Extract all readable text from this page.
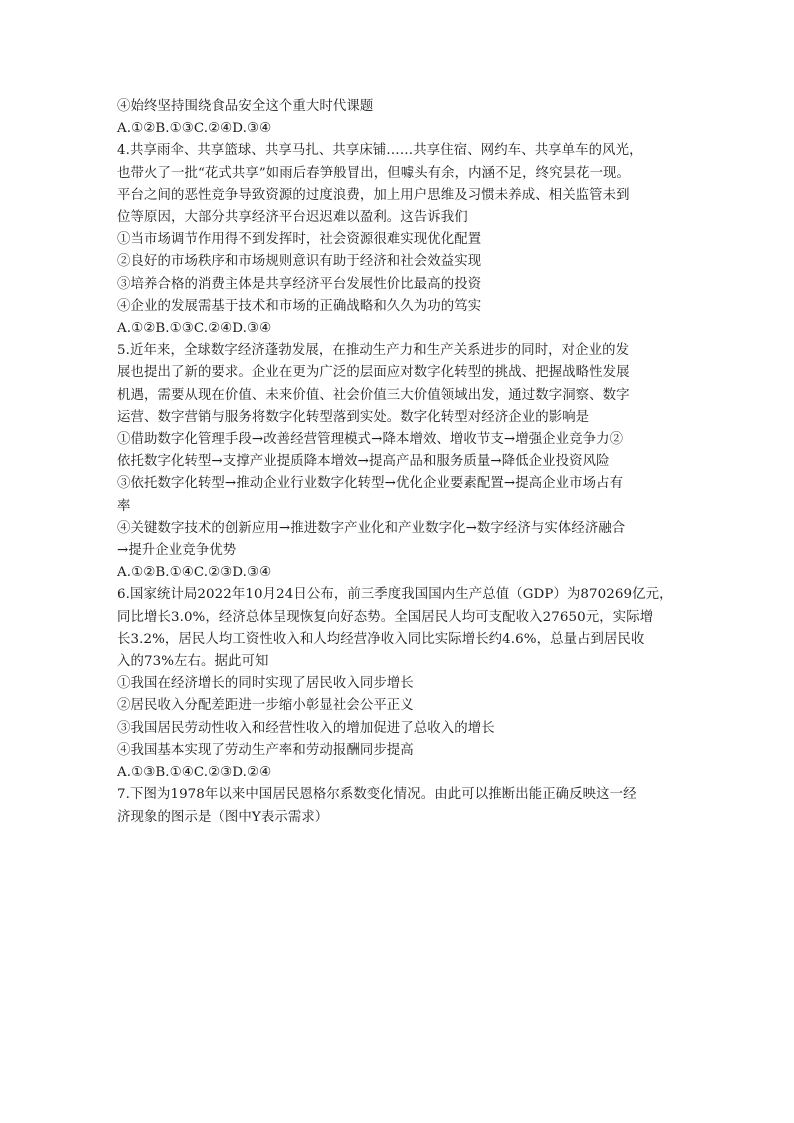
④始终坚持围绕食品安全这个重大时代课题
A.①②B.①③C.②④D.③④
4.共享雨伞、共享篮球、共享马扎、共享床铺……共享住宿、网约车、共享单车的风光，
也带火了一批“花式共享”如雨后春笋般冒出，但噱头有余，内涵不足，终究昙花一现。
平台之间的恶性竞争导致资源的过度浪费，加上用户思维及习惯未养成、相关监管未到
位等原因，大部分共享经济平台迟迟难以盈利。这告诉我们
①当市场调节作用得不到发挥时，社会资源很难实现优化配置
②良好的市场秩序和市场规则意识有助于经济和社会效益实现
③培养合格的消费主体是共享经济平台发展性价比最高的投资
④企业的发展需基于技术和市场的正确战略和久久为功的笃实
A.①②B.①③C.②④D.③④
5.近年来，全球数字经济蓬勃发展，在推动生产力和生产关系进步的同时，对企业的发
展也提出了新的要求。企业在更为广泛的层面应对数字化转型的挑战、把握战略性发展
机遇，需要从现在价值、未来价值、社会价值三大价值领域出发，通过数字洞察、数字
运营、数字营销与服务将数字化转型落到实处。数字化转型对经济企业的影响是
①借助数字化管理手段→改善经营管理模式→降本增效、增收节支→增强企业竞争力②
依托数字化转型→支撑产业提质降本增效→提高产品和服务质量→降低企业投资风险
③依托数字化转型→推动企业行业数字化转型→优化企业要素配置→提高企业市场占有
率
④关键数字技术的创新应用→推进数字产业化和产业数字化→数字经济与实体经济融合
→提升企业竞争优势
A.①②B.①④C.②③D.③④
6.国家统计局2022年10月24日公布，前三季度我国国内生产总值（GDP）为870269亿元，
同比增长3.0%，经济总体呈现恢复向好态势。全国居民人均可支配收入27650元，实际增
长3.2%，居民人均工资性收入和人均经营净收入同比实际增长约4.6%，总量占到居民收
入的73%左右。据此可知
①我国在经济增长的同时实现了居民收入同步增长
②居民收入分配差距进一步缩小彰显社会公平正义
③我国居民劳动性收入和经营性收入的增加促进了总收入的增长
④我国基本实现了劳动生产率和劳动报酬同步提高
A.①③B.①④C.②③D.②④
7.下图为1978年以来中国居民恩格尔系数变化情况。由此可以推断出能正确反映这一经
济现象的图示是（图中Y表示需求）
